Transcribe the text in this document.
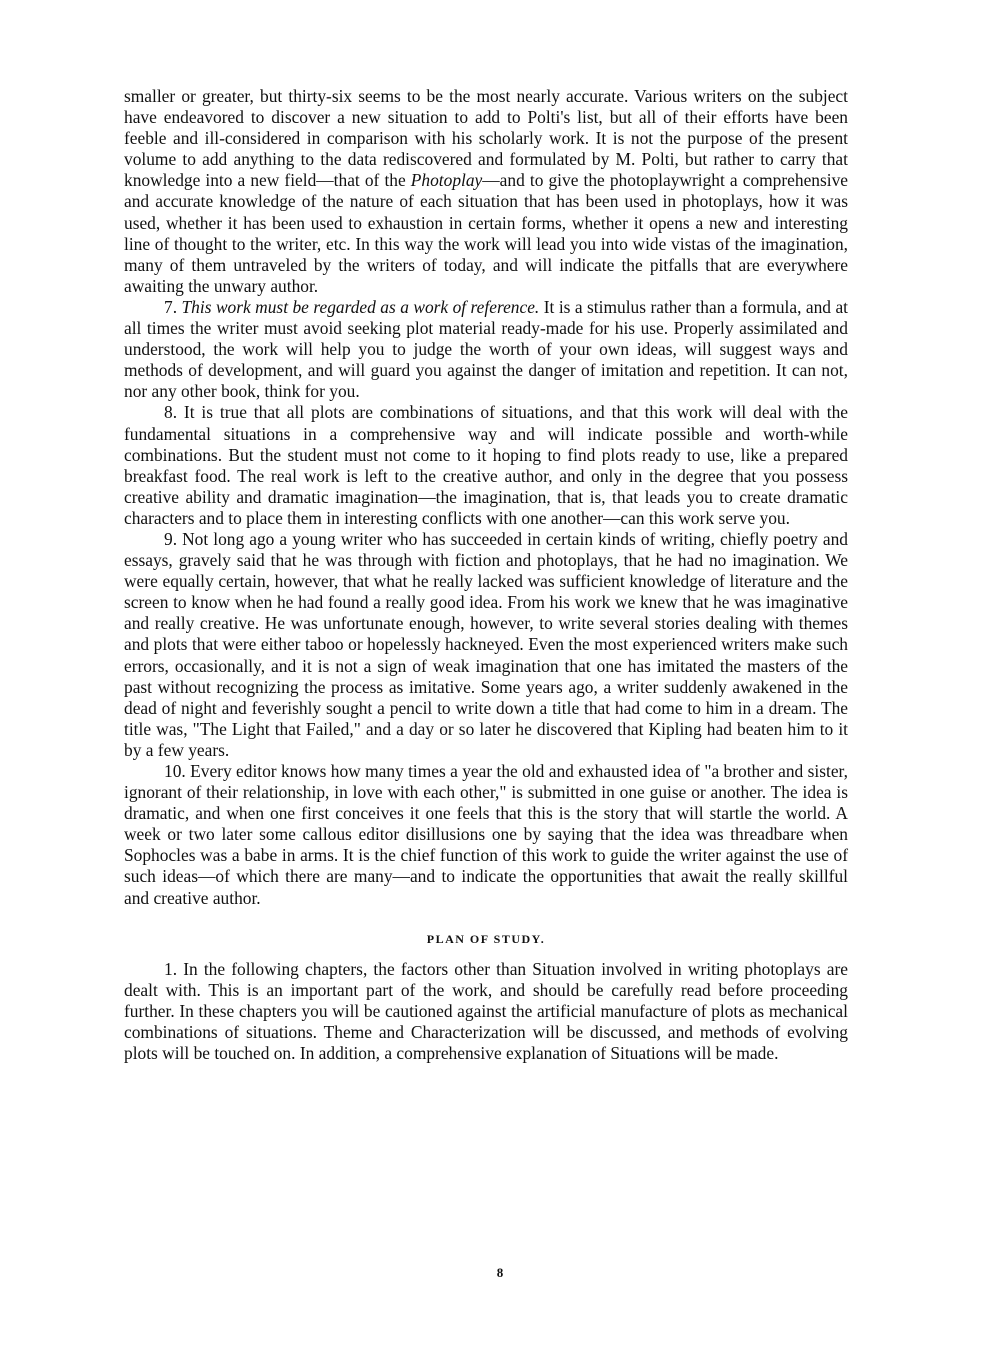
smaller or greater, but thirty-six seems to be the most nearly accurate. Various writers on the subject have endeavored to discover a new situation to add to Polti's list, but all of their efforts have been feeble and ill-considered in comparison with his scholarly work. It is not the purpose of the present volume to add anything to the data rediscovered and formulated by M. Polti, but rather to carry that knowledge into a new field—that of the Photoplay—and to give the photoplaywright a comprehensive and accurate knowledge of the nature of each situation that has been used in photoplays, how it was used, whether it has been used to exhaustion in certain forms, whether it opens a new and interesting line of thought to the writer, etc. In this way the work will lead you into wide vistas of the imagination, many of them untraveled by the writers of today, and will indicate the pitfalls that are everywhere awaiting the unwary author.

7. This work must be regarded as a work of reference. It is a stimulus rather than a formula, and at all times the writer must avoid seeking plot material ready-made for his use. Properly assimilated and understood, the work will help you to judge the worth of your own ideas, will suggest ways and methods of development, and will guard you against the danger of imitation and repetition. It can not, nor any other book, think for you.

8. It is true that all plots are combinations of situations, and that this work will deal with the fundamental situations in a comprehensive way and will indicate possible and worth-while combinations. But the student must not come to it hoping to find plots ready to use, like a prepared breakfast food. The real work is left to the creative author, and only in the degree that you possess creative ability and dramatic imagination—the imagination, that is, that leads you to create dramatic characters and to place them in interesting conflicts with one another—can this work serve you.

9. Not long ago a young writer who has succeeded in certain kinds of writing, chiefly poetry and essays, gravely said that he was through with fiction and photoplays, that he had no imagination. We were equally certain, however, that what he really lacked was sufficient knowledge of literature and the screen to know when he had found a really good idea. From his work we knew that he was imaginative and really creative. He was unfortunate enough, however, to write several stories dealing with themes and plots that were either taboo or hopelessly hackneyed. Even the most experienced writers make such errors, occasionally, and it is not a sign of weak imagination that one has imitated the masters of the past without recognizing the process as imitative. Some years ago, a writer suddenly awakened in the dead of night and feverishly sought a pencil to write down a title that had come to him in a dream. The title was, "The Light that Failed," and a day or so later he discovered that Kipling had beaten him to it by a few years.

10. Every editor knows how many times a year the old and exhausted idea of "a brother and sister, ignorant of their relationship, in love with each other," is submitted in one guise or another. The idea is dramatic, and when one first conceives it one feels that this is the story that will startle the world. A week or two later some callous editor disillusions one by saying that the idea was threadbare when Sophocles was a babe in arms. It is the chief function of this work to guide the writer against the use of such ideas—of which there are many—and to indicate the opportunities that await the really skillful and creative author.

PLAN OF STUDY.

1. In the following chapters, the factors other than Situation involved in writing photoplays are dealt with. This is an important part of the work, and should be carefully read before proceeding further. In these chapters you will be cautioned against the artificial manufacture of plots as mechanical combinations of situations. Theme and Characterization will be discussed, and methods of evolving plots will be touched on. In addition, a comprehensive explanation of Situations will be made.

8
